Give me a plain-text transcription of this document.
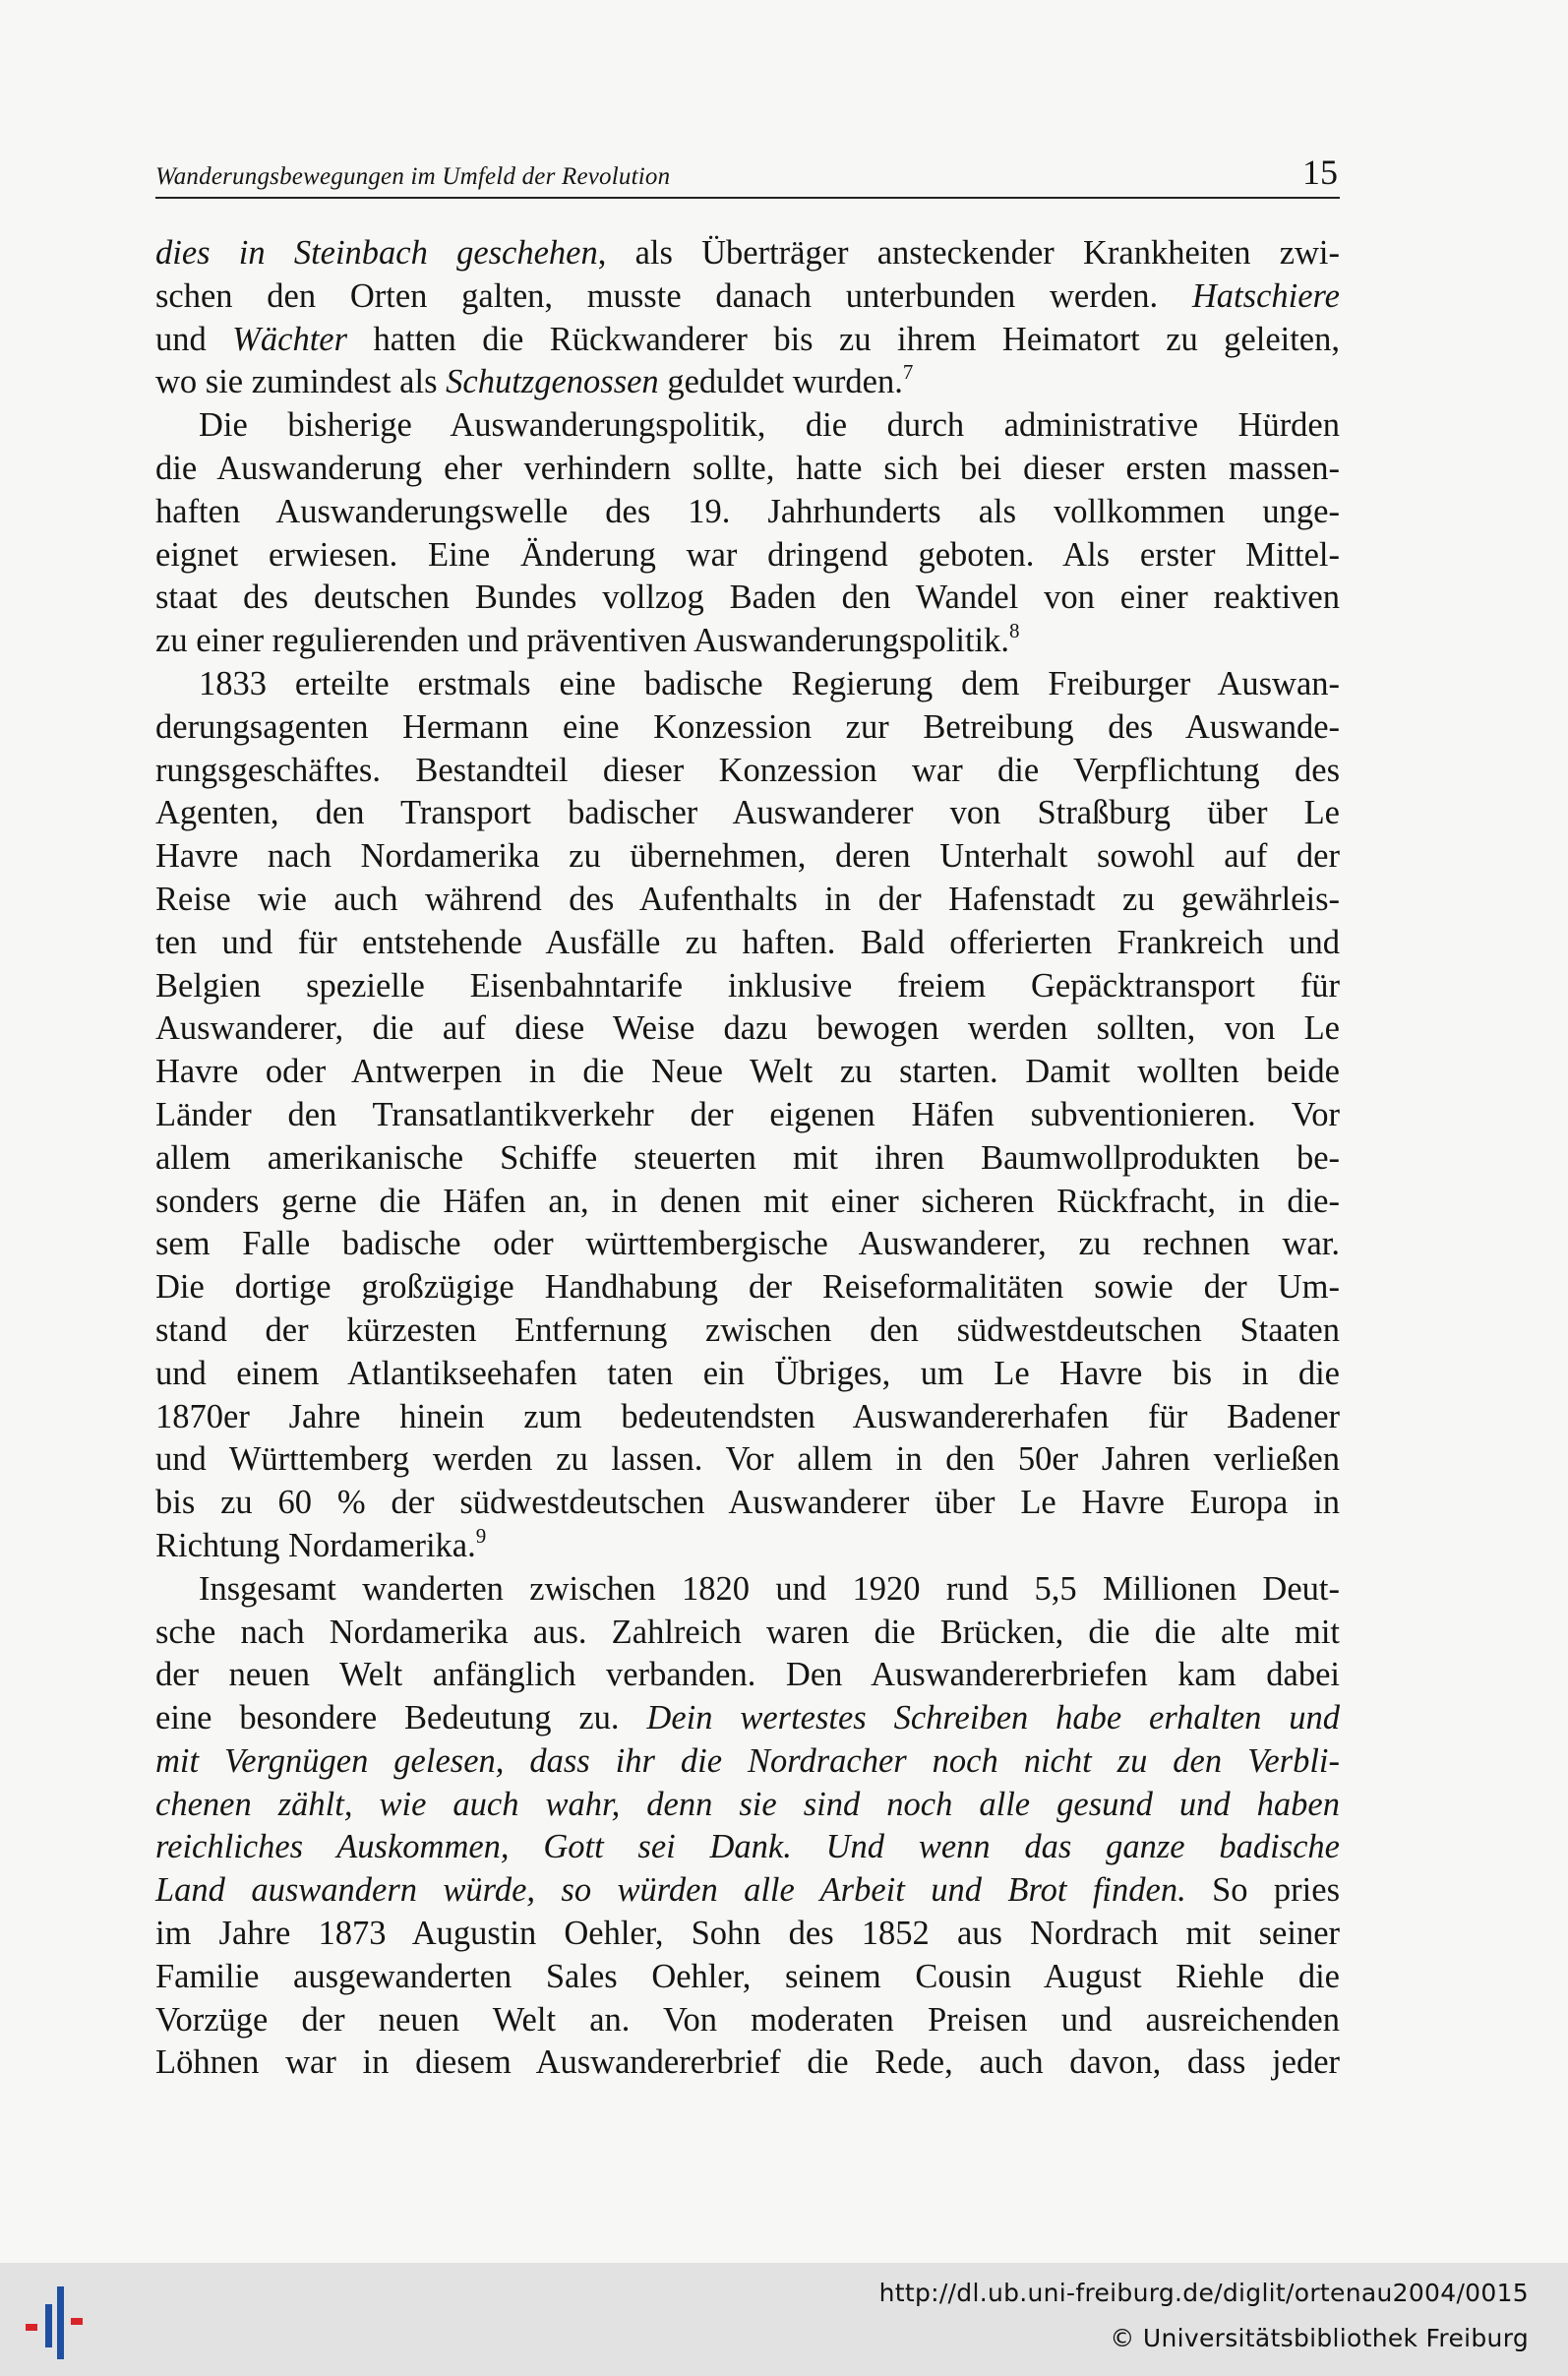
Wanderungsbewegungen im Umfeld der Revolution	15
dies in Steinbach geschehen, als Überträger ansteckender Krankheiten zwi-
schen den Orten galten, musste danach unterbunden werden. Hatschiere
und Wächter hatten die Rückwanderer bis zu ihrem Heimatort zu geleiten,
wo sie zumindest als Schutzgenossen geduldet wurden.$^7$
Die bisherige Auswanderungspolitik, die durch administrative Hürden
die Auswanderung eher verhindern sollte, hatte sich bei dieser ersten massen-
haften Auswanderungswelle des 19. Jahrhunderts als vollkommen unge-
eignet erwiesen. Eine Änderung war dringend geboten. Als erster Mittel-
staat des deutschen Bundes vollzog Baden den Wandel von einer reaktiven
zu einer regulierenden und präventiven Auswanderungspolitik.$^8$
1833 erteilte erstmals eine badische Regierung dem Freiburger Auswan-
derungsagenten Hermann eine Konzession zur Betreibung des Auswande-
rungsgeschäftes. Bestandteil dieser Konzession war die Verpflichtung des
Agenten, den Transport badischer Auswanderer von Straßburg über Le
Havre nach Nordamerika zu übernehmen, deren Unterhalt sowohl auf der
Reise wie auch während des Aufenthalts in der Hafenstadt zu gewährleis-
ten und für entstehende Ausfälle zu haften. Bald offerierten Frankreich und
Belgien spezielle Eisenbahntarife inklusive freiem Gepäcktransport für
Auswanderer, die auf diese Weise dazu bewogen werden sollten, von Le
Havre oder Antwerpen in die Neue Welt zu starten. Damit wollten beide
Länder den Transatlantikverkehr der eigenen Häfen subventionieren. Vor
allem amerikanische Schiffe steuerten mit ihren Baumwollprodukten be-
sonders gerne die Häfen an, in denen mit einer sicheren Rückfracht, in die-
sem Falle badische oder württembergische Auswanderer, zu rechnen war.
Die dortige großzügige Handhabung der Reiseformalitäten sowie der Um-
stand der kürzesten Entfernung zwischen den südwestdeutschen Staaten
und einem Atlantikseehafen taten ein Übriges, um Le Havre bis in die
1870er Jahre hinein zum bedeutendsten Auswandererhafen für Badener
und Württemberg werden zu lassen. Vor allem in den 50er Jahren verließen
bis zu 60 % der südwestdeutschen Auswanderer über Le Havre Europa in
Richtung Nordamerika.$^9$
Insgesamt wanderten zwischen 1820 und 1920 rund 5,5 Millionen Deut-
sche nach Nordamerika aus. Zahlreich waren die Brücken, die die alte mit
der neuen Welt anfänglich verbanden. Den Auswandererbriefen kam dabei
eine besondere Bedeutung zu. Dein wertestes Schreiben habe erhalten und
mit Vergnügen gelesen, dass ihr die Nordracher noch nicht zu den Verbli-
chenen zählt, wie auch wahr, denn sie sind noch alle gesund und haben
reichliches Auskommen, Gott sei Dank. Und wenn das ganze badische
Land auswandern würde, so würden alle Arbeit und Brot finden. So pries
im Jahre 1873 Augustin Oehler, Sohn des 1852 aus Nordrach mit seiner
Familie ausgewanderten Sales Oehler, seinem Cousin August Riehle die
Vorzüge der neuen Welt an. Von moderaten Preisen und ausreichenden
Löhnen war in diesem Auswandererbrief die Rede, auch davon, dass jeder
http://dl.ub.uni-freiburg.de/diglit/ortenau2004/0015
© Universitätsbibliothek Freiburg
